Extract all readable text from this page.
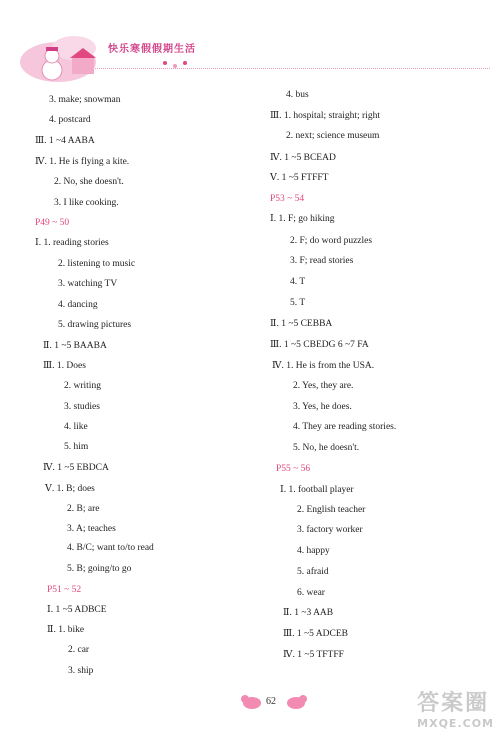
快乐寒假假期生活
3. make; snowman
4. postcard
Ⅲ. 1 ~4 AABA
Ⅳ. 1. He is flying a kite.
2. No, she doesn't.
3. I like cooking.
P49 ~ 50
Ⅰ. 1. reading stories
2. listening to music
3. watching TV
4. dancing
5. drawing pictures
Ⅱ. 1 ~5 BAABA
Ⅲ. 1. Does
2. writing
3. studies
4. like
5. him
Ⅳ. 1 ~5 EBDCA
Ⅴ. 1. B; does
2. B; are
3. A; teaches
4. B/C; want to/to read
5. B; going/to go
P51 ~ 52
Ⅰ. 1 ~5 ADBCE
Ⅱ. 1. bike
2. car
3. ship
4. bus
Ⅲ. 1. hospital; straight; right
2. next; science museum
Ⅳ. 1 ~5 BCEAD
Ⅴ. 1 ~5 FTFFT
P53 ~ 54
Ⅰ. 1. F; go hiking
2. F; do word puzzles
3. F; read stories
4. T
5. T
Ⅱ. 1 ~5 CEBBA
Ⅲ. 1 ~5 CBEDG 6 ~7 FA
Ⅳ. 1. He is from the USA.
2. Yes, they are.
3. Yes, he does.
4. They are reading stories.
5. No, he doesn't.
P55 ~ 56
Ⅰ. 1. football player
2. English teacher
3. factory worker
4. happy
5. afraid
6. wear
Ⅱ. 1 ~3 AAB
Ⅲ. 1 ~5 ADCEB
Ⅳ. 1 ~5 TFTFF
62	答案圈
MXQE.COM
